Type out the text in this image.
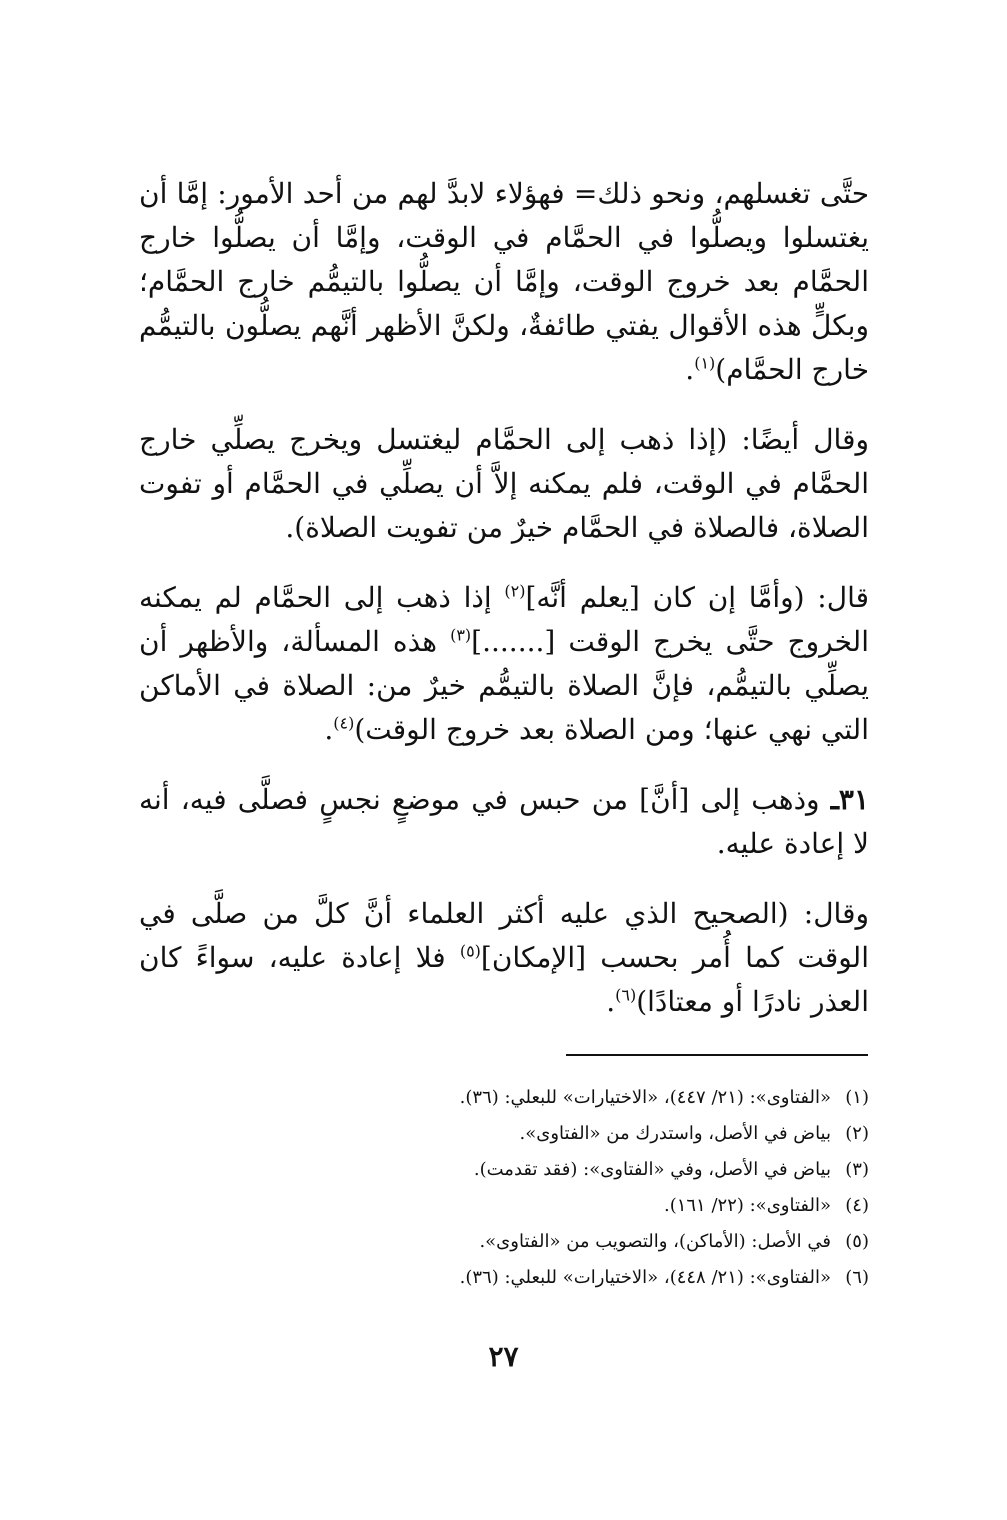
حتَّى تغسلهم، ونحو ذلك= فهؤلاء لابدَّ لهم من أحد الأمور: إمَّا أن يغتسلوا ويصلُّوا في الحمَّام في الوقت، وإمَّا أن يصلُّوا خارج الحمَّام بعد خروج الوقت، وإمَّا أن يصلُّوا بالتيمُّم خارج الحمَّام؛ وبكلٍّ هذه الأقوال يفتي طائفةٌ، ولكنَّ الأظهر أنَّهم يصلُّون بالتيمُّم خارج الحمَّام)$^{(١)}$.

وقال أيضًا: (إذا ذهب إلى الحمَّام ليغتسل ويخرج يصلِّي خارج الحمَّام في الوقت، فلم يمكنه إلاَّ أن يصلِّي في الحمَّام أو تفوت الصلاة، فالصلاة في الحمَّام خيرٌ من تفويت الصلاة).

قال: (وأمَّا إن كان [يعلم أنَّه]$^{(٢)}$ إذا ذهب إلى الحمَّام لم يمكنه الخروج حتَّى يخرج الوقت [.......]$^{(٣)}$ هذه المسألة، والأظهر أن يصلِّي بالتيمُّم، فإنَّ الصلاة بالتيمُّم خيرٌ من: الصلاة في الأماكن التي نهي عنها؛ ومن الصلاة بعد خروج الوقت)$^{(٤)}$.

٣١ـ وذهب إلى [أنَّ] من حبس في موضعٍ نجسٍ فصلَّى فيه، أنه لا إعادة عليه.

وقال: (الصحيح الذي عليه أكثر العلماء أنَّ كلَّ من صلَّى في الوقت كما أُمر بحسب [الإمكان]$^{(٥)}$ فلا إعادة عليه، سواءً كان العذر نادرًا أو معتادًا)$^{(٦)}$.

(١)«الفتاوى»: (٢١/ ٤٤٧)، «الاختيارات» للبعلي: (٣٦).
(٢)بياض في الأصل، واستدرك من «الفتاوى».
(٣)بياض في الأصل، وفي «الفتاوى»: (فقد تقدمت).
(٤)«الفتاوى»: (٢٢/ ١٦١).
(٥)في الأصل: (الأماكن)، والتصويب من «الفتاوى».
(٦)«الفتاوى»: (٢١/ ٤٤٨)، «الاختيارات» للبعلي: (٣٦).
٢٧
